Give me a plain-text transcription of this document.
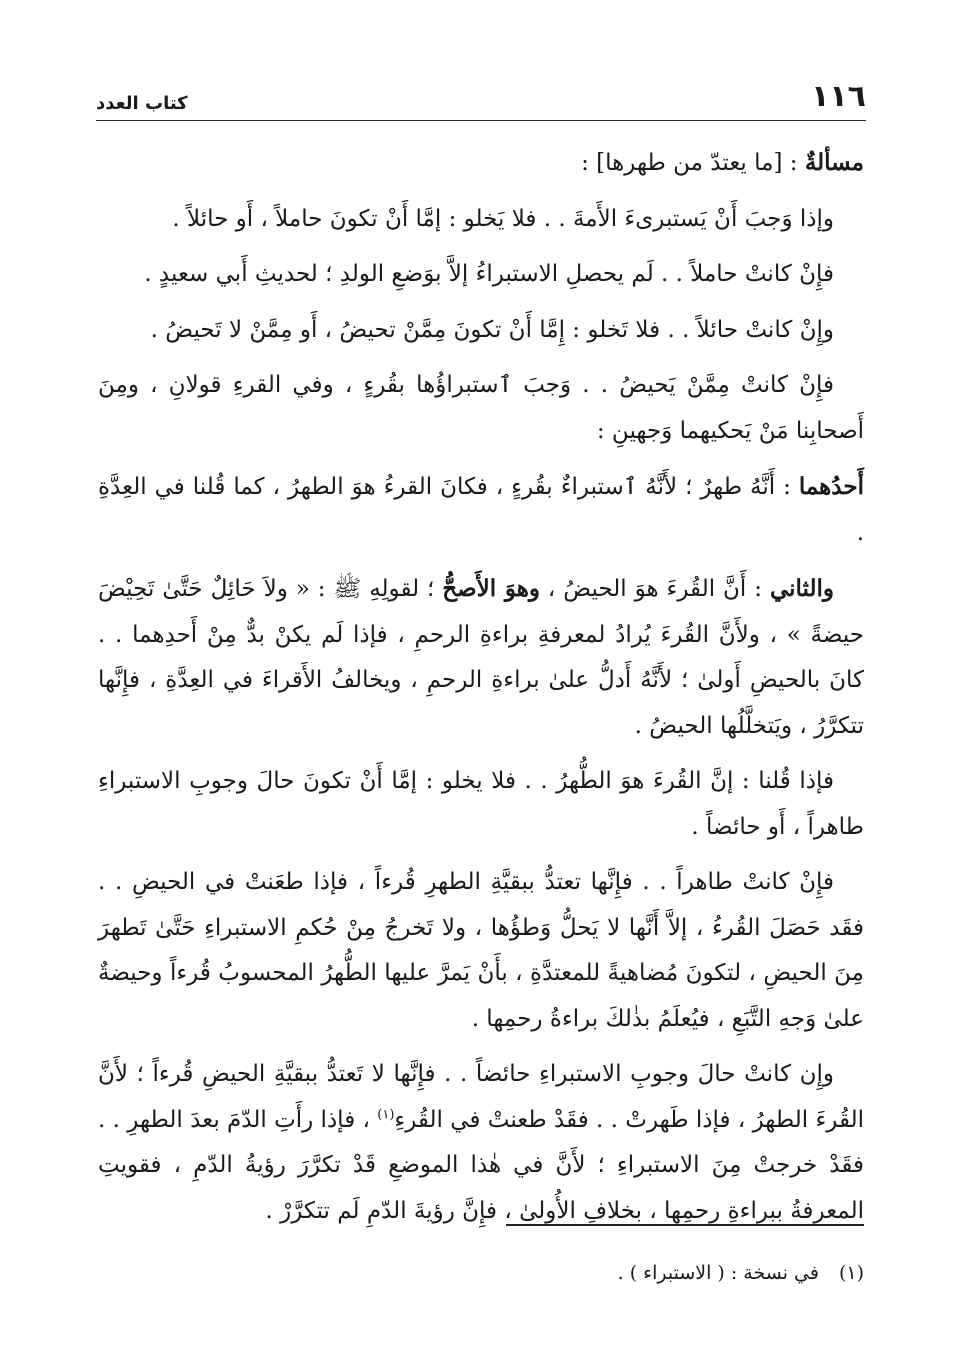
١١٦
كتاب العدد

مسألةٌ : [ما يعتدّ من طهرها] :

وإذا وَجبَ أَنْ يَستبرىءَ الأَمةَ . . فلا يَخلو : إمَّا أَنْ تكونَ حاملاً ، أَو حائلاً .

فإِنْ كانتْ حاملاً . . لَم يحصلِ الاستبراءُ إلاَّ بوَضعِ الولدِ ؛ لحديثِ أَبي سعيدٍ .

وإِنْ كانتْ حائلاً . . فلا تَخلو : إِمَّا أَنْ تكونَ مِمَّنْ تحيضُ ، أَو مِمَّنْ لا تَحيضُ .

فإِنْ كانتْ مِمَّنْ يَحيضُ . . وَجبَ ٱستبراؤُها بقُرءٍ ، وفي القرءِ قولانِ ، ومِنَ أَصحابِنا مَنْ يَحكيهما وَجهينِ :

أَحدُهما : أَنَّهُ طهرٌ ؛ لأَنَّهُ ٱستبراءٌ بقُرءٍ ، فكانَ القرءُ هوَ الطهرُ ، كما قُلنا في العِدَّةِ .

والثاني : أَنَّ القُرءَ هوَ الحيضُ ، وهوَ الأَصحُّ ؛ لقولِهِ ﷺ : « ولاَ حَائِلٌ حَتَّىٰ تَحِيْضَ حيضةً » ، ولأَنَّ القُرءَ يُرادُ لمعرفةِ براءةِ الرحمِ ، فإذا لَم يكنْ بدٌّ مِنْ أَحدِهما . . كانَ بالحيضِ أَولىٰ ؛ لأَنَّهُ أَدلُّ علىٰ براءةِ الرحمِ ، ويخالفُ الأَقراءَ في العِدَّةِ ، فإِنَّها تتكرَّرُ ، ويَتخلَّلُها الحيضُ .

فإذا قُلنا : إنَّ القُرءَ هوَ الطُّهرُ . . فلا يخلو : إمَّا أَنْ تكونَ حالَ وجوبِ الاستبراءِ طاهراً ، أَو حائضاً .

فإِنْ كانتْ طاهراً . . فإِنَّها تعتدُّ ببقيَّةِ الطهرِ قُرءاً ، فإذا طعَنتْ في الحيضِ . . فقَد حَصَلَ القُرءُ ، إلاَّ أَنَّها لا يَحلُّ وَطؤُها ، ولا تَخرجُ مِنْ حُكمِ الاستبراءِ حَتَّىٰ تَطهرَ مِنَ الحيضِ ، لتكونَ مُضاهيةً للمعتدَّةِ ، بأَنْ يَمرَّ عليها الطُّهرُ المحسوبُ قُرءاً وحيضةٌ علىٰ وَجهِ التَّبَعِ ، فيُعلَمُ بذٰلكَ براءةُ رحمِها .

وإِن كانتْ حالَ وجوبِ الاستبراءِ حائضاً . . فإِنَّها لا تَعتدُّ ببقيَّةِ الحيضِ قُرءاً ؛ لأَنَّ القُرءَ الطهرُ ، فإذا طَهرتْ . . فقَدْ طعنتْ في القُرءِ$^{(١)}$ ، فإذا رأَتِ الدّمَ بعدَ الطهرِ . . فقَدْ خرجتْ مِنَ الاستبراءِ ؛ لأَنَّ في هٰذا الموضعِ قَدْ تكرَّرَ رؤيةُ الدّمِ ، فقويتِ المعرفةُ ببراءةِ رحمِها ، بخلافِ الأُولىٰ ، فإِنَّ رؤيةَ الدّمِ لَم تتكرَّرْ .

(١)في نسخة : ( الاستبراء ) .
